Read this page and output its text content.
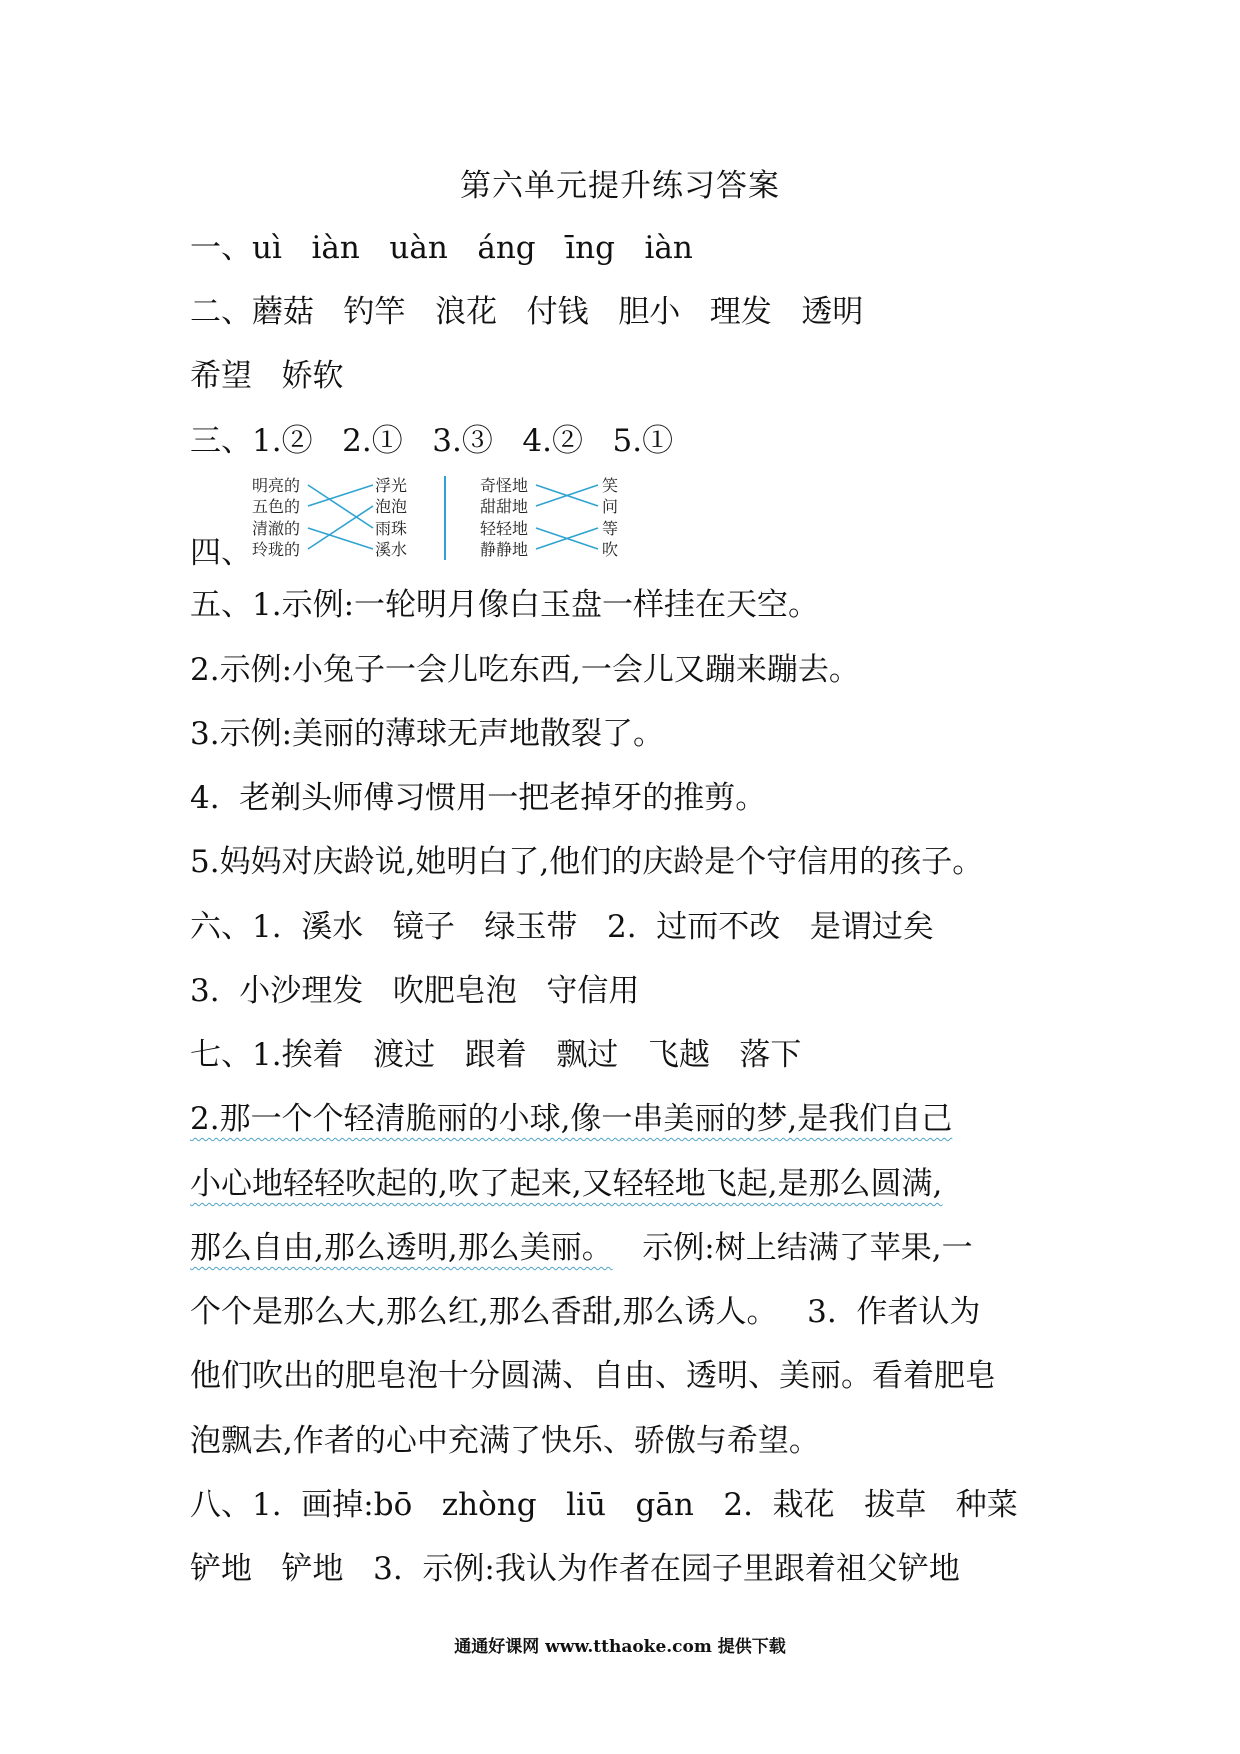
第六单元提升练习答案
一、uì   iàn   uàn   áng   īng   iàn
二、蘑菇   钓竿   浪花   付钱   胆小   理发   透明
希望   娇软
三、1.②   2.①   3.③   4.②   5.①
四、
明亮的
五色的
清澈的
玲珑的
浮光
泡泡
雨珠
溪水
奇怪地
甜甜地
轻轻地
静静地
笑
问
等
吹
五、1.示例:一轮明月像白玉盘一样挂在天空。
2.示例:小兔子一会儿吃东西,一会儿又蹦来蹦去。
3.示例:美丽的薄球无声地散裂了。
4.  老剃头师傅习惯用一把老掉牙的推剪。
5.妈妈对庆龄说,她明白了,他们的庆龄是个守信用的孩子。
六、1.  溪水   镜子   绿玉带   2.  过而不改   是谓过矣
3.  小沙理发   吹肥皂泡   守信用
七、1.挨着   渡过   跟着   飘过   飞越   落下
2.那一个个轻清脆丽的小球,像一串美丽的梦,是我们自己
小心地轻轻吹起的,吹了起来,又轻轻地飞起,是那么圆满,
那么自由,那么透明,那么美丽。   示例:树上结满了苹果,一
个个是那么大,那么红,那么香甜,那么诱人。   3.  作者认为
他们吹出的肥皂泡十分圆满、自由、透明、美丽。看着肥皂
泡飘去,作者的心中充满了快乐、骄傲与希望。
八、1.  画掉:bō   zhòng   liū   gān   2.  栽花   拔草   种菜
铲地   铲地   3.  示例:我认为作者在园子里跟着祖父铲地
通通好课网 www.tthaoke.com 提供下载
